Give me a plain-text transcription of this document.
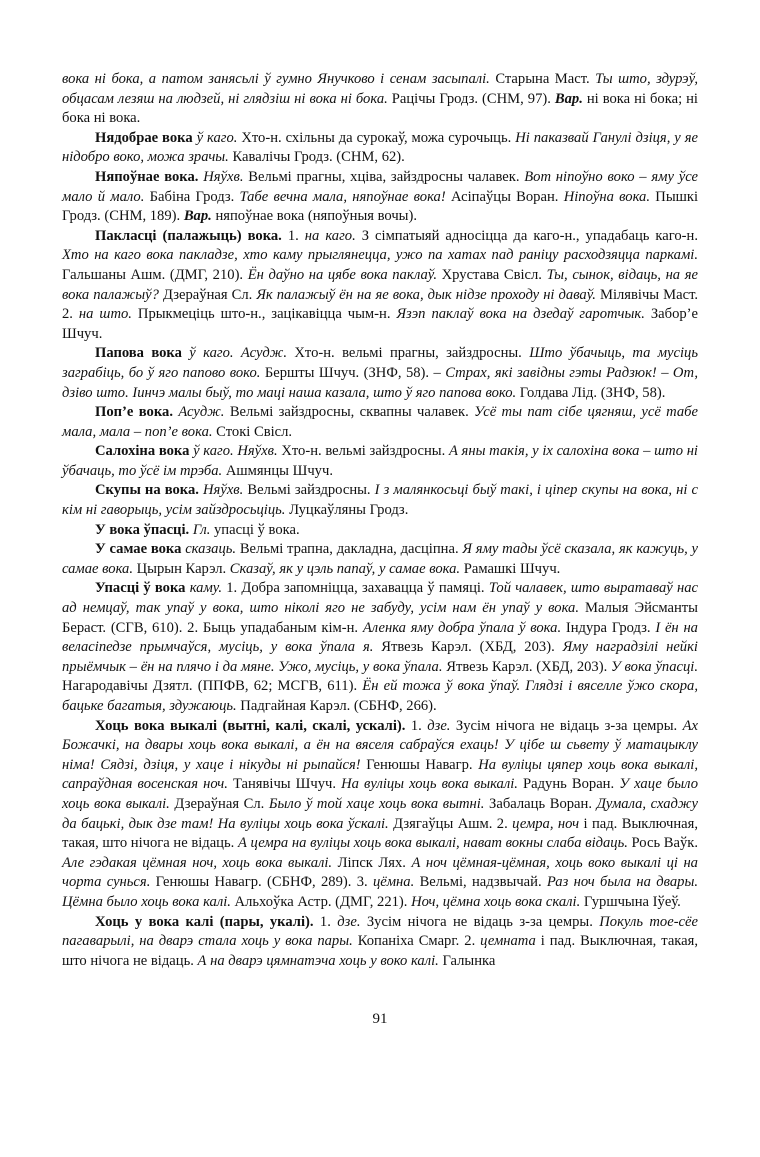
вока ні бока, а патом занясьлі ў гумно Янучково і сенам засыпалі. Старына Маст. Ты што, здурэў, обцасам лезяш на людзей, ні глядзіш ні вока ні бока. Рацічы Гродз. (СНМ, 97). Вар. ні вока ні бока; ні бока ні вока.

Нядобрае вока ў каго. Хто-н. схільны да сурокаў, можа сурочыць. Ні паказвай Ганулі дзіця, у яе нідобро воко, можа зрачы. Кавалічы Гродз. (СНМ, 62).

Няпоўнае вока. Няўхв. Вельмі прагны, хціва, зайздросны чалавек. Вот ніпоўно воко – яму ўсе мало й мало. Бабіна Гродз. Табе вечна мала, няпоўнае вока! Асіпаўцы Воран. Ніпоўна вока. Пышкі Гродз. (СНМ, 189). Вар. няпоўнае вока (няпоўныя вочы).

Пакласці (палажыць) вока. 1. на каго. З сімпатыяй адносіцца да каго-н., упадабаць каго-н. Хто на каго вока пакладзе, хто каму прыглянецца, ужо па хатах пад раніцу расходзяцца паркамі. Гальшаны Ашм. (ДМГ, 210). Ён даўно на цябе вока паклаў. Хрустава Свісл. Ты, сынок, відаць, на яе вока палажыў? Дзераўная Сл. Як палажыў ён на яе вока, дык нідзе проходу ні даваў. Мілявічы Маст. 2. на што. Прыкмеціць што-н., зацікавіцца чым-н. Язэп паклаў вока на дзедаў гаротчык. Забор’е Шчуч.

Папова вока ў каго. Асудж. Хто-н. вельмі прагны, зайздросны. Што ўбачыць, та мусіць заграбіць, бо ў яго папово воко. Бершты Шчуч. (ЗНФ, 58). – Страх, які завідны гэты Радзюк! – От, дзіво што. Іинчэ малы быў, то маці наша казала, што ў яго папова воко. Голдава Лід. (ЗНФ, 58).

Поп’е вока. Асудж. Вельмі зайздросны, сквапны чалавек. Усё ты пат сібе цягняш, усё табе мала, мала – поп’е вока. Стокі Свісл.

Салохіна вока ў каго. Няўхв. Хто-н. вельмі зайздросны. А яны такія, у іх салохіна вока – што ні ўбачаць, то ўсё ім трэба. Ашмянцы Шчуч.

Скупы на вока. Няўхв. Вельмі зайздросны. І з малянкосьці быў такі, і ціпер скупы на вока, ні с кім ні гаворыць, усім зайздросьціць. Луцкаўляны Гродз.

У вока ўпасці. Гл. упасці ў вока.

У самае вока сказаць. Вельмі трапна, дакладна, дасціпна. Я яму тады ўсё сказала, як кажуць, у самае вока. Цырын Карэл. Сказаў, як у цэль папаў, у самае вока. Рамашкі Шчуч.

Упасці ў вока каму. 1. Добра запомніцца, захавацца ў памяці. Той чалавек, што выратаваў нас ад немцаў, так упаў у вока, што ніколі яго не забуду, усім нам ён упаў у вока. Малыя Эйсманты Бераст. (СГВ, 610). 2. Быць упадабаным кім-н. Аленка яму добра ўпала ў вока. Індура Гродз. І ён на веласіпедзе прымчаўся, мусіць, у вока ўпала я. Ятвезь Карэл. (ХБД, 203). Яму нагрaдзілі нейкі прыёмчык – ён на плячо і да мяне. Ужо, мусіць, у вока ўпала. Ятвезь Карэл. (ХБД, 203). У вока ўпасці. Нагародавічы Дзятл. (ППФВ, 62; МСГВ, 611). Ён ей тожа ў вока ўпаў. Глядзі і вяселле ўжо скора, бацьке багатыя, здужаюць. Падгайная Карэл. (СБНФ, 266).

Хоць вока выкалі (вытні, калі, скалі, ускалі). 1. дзе. Зусім нічога не відаць з-за цемры. Ах Божачкі, на двары хоць вока выкалі, а ён на вяселя сабраўся ехаць! У цібе ш сьвету ў матацыклу німа! Сядзі, дзіця, у хаце і нікуды ні рыпайся! Генюшы Навагр. На вуліцы цяпер хоць вока выкалі, сапраўдная восенская ноч. Танявічы Шчуч. На вуліцы хоць вока выкалі. Радунь Воран. У хаце было хоць вока выкалі. Дзераўная Сл. Было ў той хаце хоць вока вытні. Забалаць Воран. Думала, схаджу да бацькі, дык дзе там! На вуліцы хоць вока ўскалі. Дзягаўцы Ашм. 2. цемра, ноч і пад. Выключная, такая, што нічога не відаць. А цемра на вуліцы хоць вока выкалі, нават вокны слаба відаць. Рось Ваўк. Але гэдакая цёмная ноч, хоць вока выкалі. Ліпск Лях. А ноч цёмная-цёмная, хоць воко выкалі ці на чорта сунься. Генюшы Навагр. (СБНФ, 289). 3. цёмна. Вельмі, надзвычай. Раз ноч была на двары. Цёмна было хоць вока калі. Альхоўка Астр. (ДМГ, 221). Ноч, цёмна хоць вока скалі. Гуршчына Іўеў.

Хоць у вока калі (пары, укалі). 1. дзе. Зусім нічога не відаць з-за цемры. Покуль тое-сёе пагаварылі, на дварэ стала хоць у вока пары. Копаніха Смарг. 2. цемната і пад. Выключная, такая, што нічога не відаць. А на дварэ цямнатэча хоць у воко калі. Галынка

91
